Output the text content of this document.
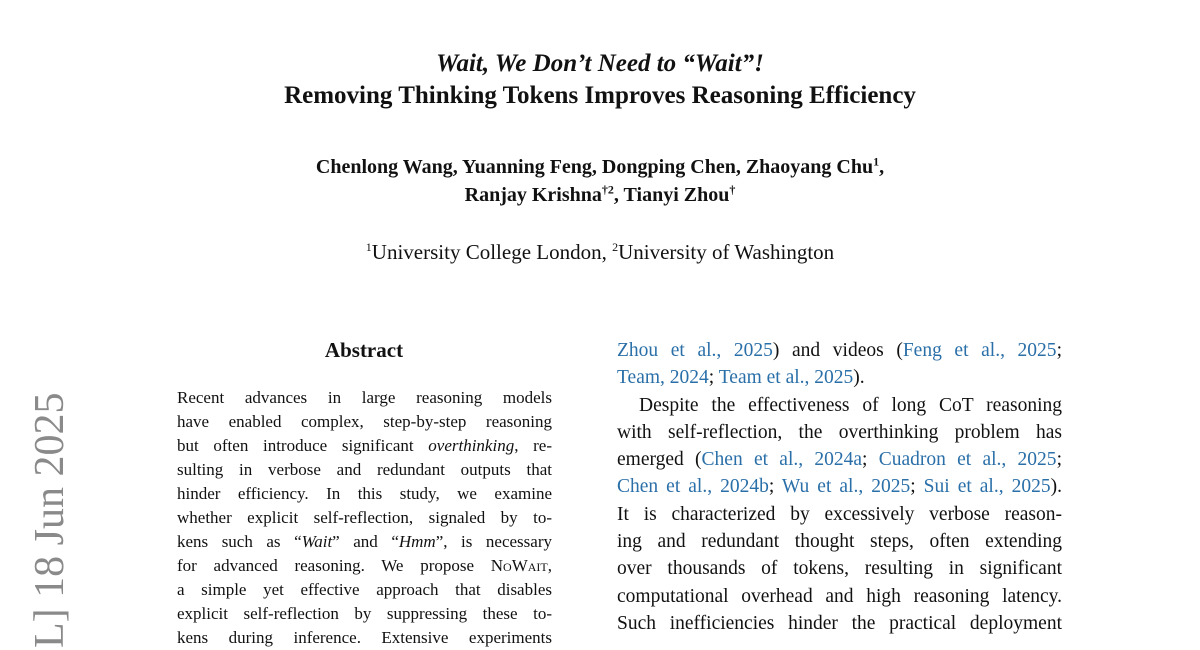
Wait, We Don’t Need to “Wait”!
Removing Thinking Tokens Improves Reasoning Efficiency
Chenlong Wang, Yuanning Feng, Dongping Chen, Zhaoyang Chu$^1$,
Ranjay Krishna$^{\dagger 2}$, Tianyi Zhou†
$^1$University College London, $^2$University of Washington
Abstract
Recent advances in large reasoning models
have enabled complex, step-by-step reasoning
but often introduce significant overthinking, re-
sulting in verbose and redundant outputs that
hinder efficiency. In this study, we examine
whether explicit self-reflection, signaled by to-
kens such as “Wait” and “Hmm”, is necessary
for advanced reasoning. We propose NoWait,
a simple yet effective approach that disables
explicit self-reflection by suppressing these to-
kens during inference. Extensive experiments
Zhou et al., 2025) and videos (Feng et al., 2025;
Team, 2024; Team et al., 2025).
Despite the effectiveness of long CoT reasoning
with self-reflection, the overthinking problem has
emerged (Chen et al., 2024a; Cuadron et al., 2025;
Chen et al., 2024b; Wu et al., 2025; Sui et al., 2025).
It is characterized by excessively verbose reason-
ing and redundant thought steps, often extending
over thousands of tokens, resulting in significant
computational overhead and high reasoning latency.
Such inefficiencies hinder the practical deployment
L] 18 Jun 2025
